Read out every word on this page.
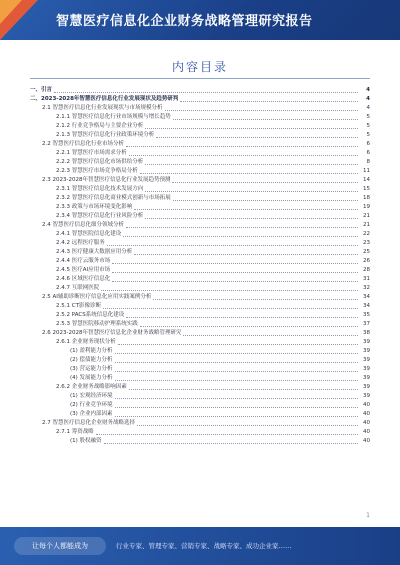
智慧医疗信息化企业财务战略管理研究报告
内容目录
一、引言	4
二、2023-2028年智慧医疗信息化行业发展现状及趋势研判	4
2.1 智慧医疗信息化行业发展现状与市场规模分析	4
2.1.1 智慧医疗信息化行业市场规模与增长趋势	5
2.1.2 行业竞争格局与主要企业分析	5
2.1.3 智慧医疗信息化行业政策环境分析	5
2.2 智慧医疗信息化行业市场分析	6
2.2.1 智慧医疗市场需求分析	6
2.2.2 智慧医疗信息化市场供给分析	8
2.2.3 智慧医疗市场竞争格局分析	11
2.3 2023-2028年智慧医疗信息化行业发展趋势预测	14
2.3.1 智慧医疗信息化技术发展方向	15
2.3.2 智慧医疗信息化商业模式创新与市场拓展	18
2.3.3 政策与市场环境变化影响	19
2.3.4 智慧医疗信息化行业风险分析	21
2.4 智慧医疗信息化细分领域分析	21
2.4.1 智慧医院信息化建设	22
2.4.2 远程医疗服务	23
2.4.3 医疗健康大数据应用分析	25
2.4.4 医疗云服务市场	26
2.4.5 医疗AI应用市场	28
2.4.6 区域医疗信息化	31
2.4.7 互联网医院	32
2.5 AI辅助诊断医疗信息化应用实践案例分析	34
2.5.1 CT影像诊断	34
2.5.2 PACS系统信息化建设	35
2.5.3 智慧医院移动护理系统实践	37
2.6 2023-2028年智慧医疗信息化企业财务战略管理研究	38
2.6.1 企业财务现状分析	39
(1) 盈利能力分析	39
(2) 偿债能力分析	39
(3) 营运能力分析	39
(4) 发展能力分析	39
2.6.2 企业财务战略影响因素	39
(1) 宏观经济环境	39
(2) 行业竞争环境	40
(3) 企业内部因素	40
2.7 智慧医疗信息化企业财务战略选择	40
2.7.1 筹资战略	40
(1) 股权融资	40
1
让每个人都能成为	行业专家、管理专家、营销专家、战略专家、成功企业家……
